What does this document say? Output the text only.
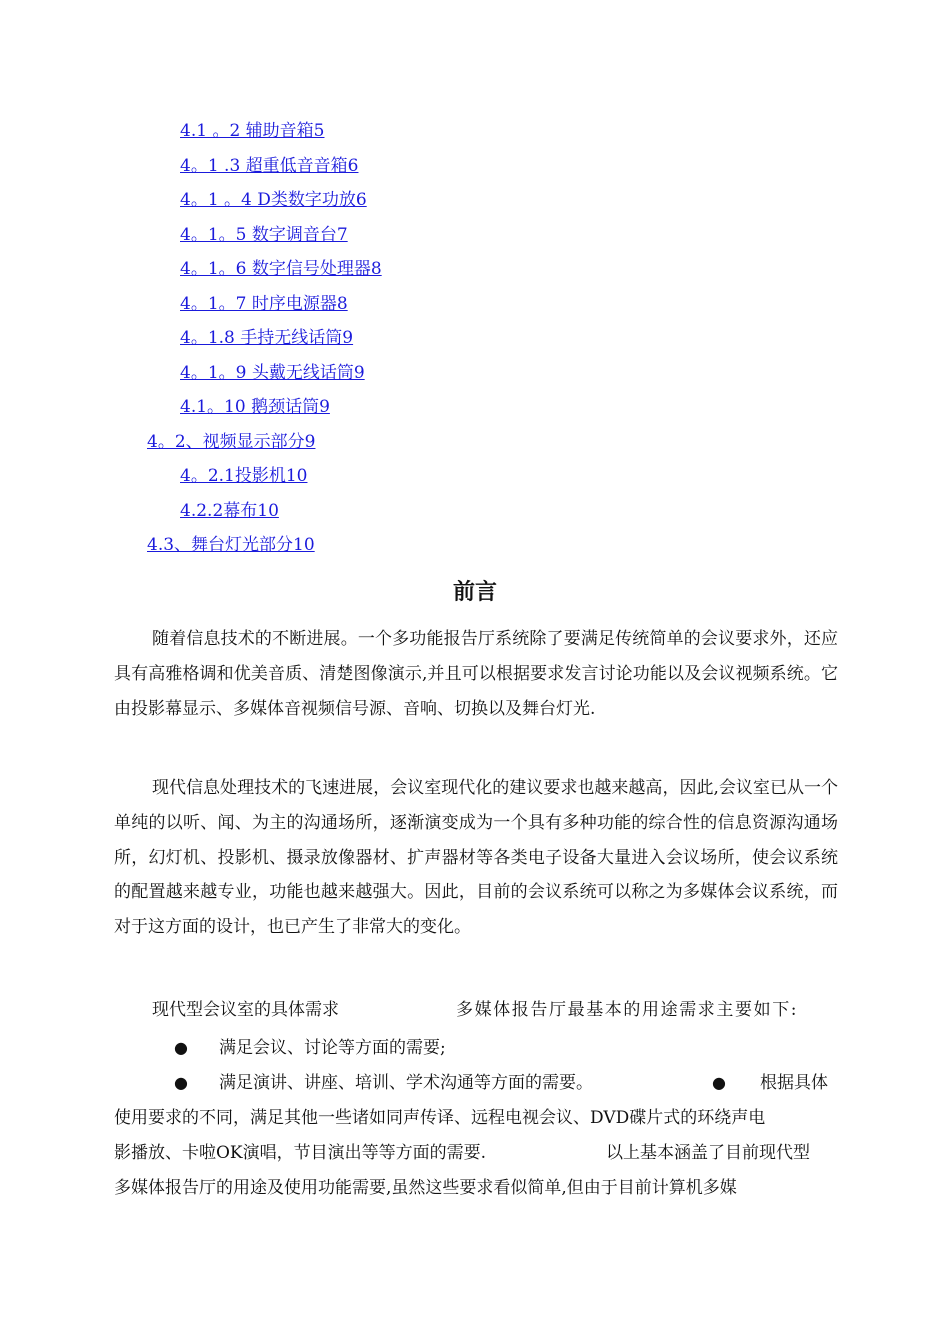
4.1 。2 辅助音箱5
4。1 .3 超重低音音箱6
4。1 。4 D类数字功放6
4。1。5 数字调音台7
4。1。6 数字信号处理器8
4。1。7 时序电源器8
4。1.8 手持无线话筒9
4。1。9 头戴无线话筒9
4.1。10 鹅颈话筒9
4。2、视频显示部分9
4。2.1投影机10
4.2.2幕布10
4.3、舞台灯光部分10
前言

随着信息技术的不断进展。一个多功能报告厅系统除了要满足传统简单的会议要求外，还应具有高雅格调和优美音质、清楚图像演示,并且可以根据要求发言讨论功能以及会议视频系统。它由投影幕显示、多媒体音视频信号源、音响、切换以及舞台灯光.

现代信息处理技术的飞速进展，会议室现代化的建议要求也越来越高，因此,会议室已从一个单纯的以听、闻、为主的沟通场所，逐渐演变成为一个具有多种功能的综合性的信息资源沟通场所，幻灯机、投影机、摄录放像器材、扩声器材等各类电子设备大量进入会议场所，使会议系统的配置越来越专业，功能也越来越强大。因此，目前的会议系统可以称之为多媒体会议系统，而对于这方面的设计，也已产生了非常大的变化。

现代型会议室的具体需求	多媒体报告厅最基本的用途需求主要如下:
● 满足会议、讨论等方面的需要;
● 满足演讲、讲座、培训、学术沟通等方面的需要。	● 根据具体
使用要求的不同，满足其他一些诸如同声传译、远程电视会议、DVD碟片式的环绕声电
影播放、卡啦OK演唱，节目演出等等方面的需要.	以上基本涵盖了目前现代型
多媒体报告厅的用途及使用功能需要,虽然这些要求看似简单,但由于目前计算机多媒
